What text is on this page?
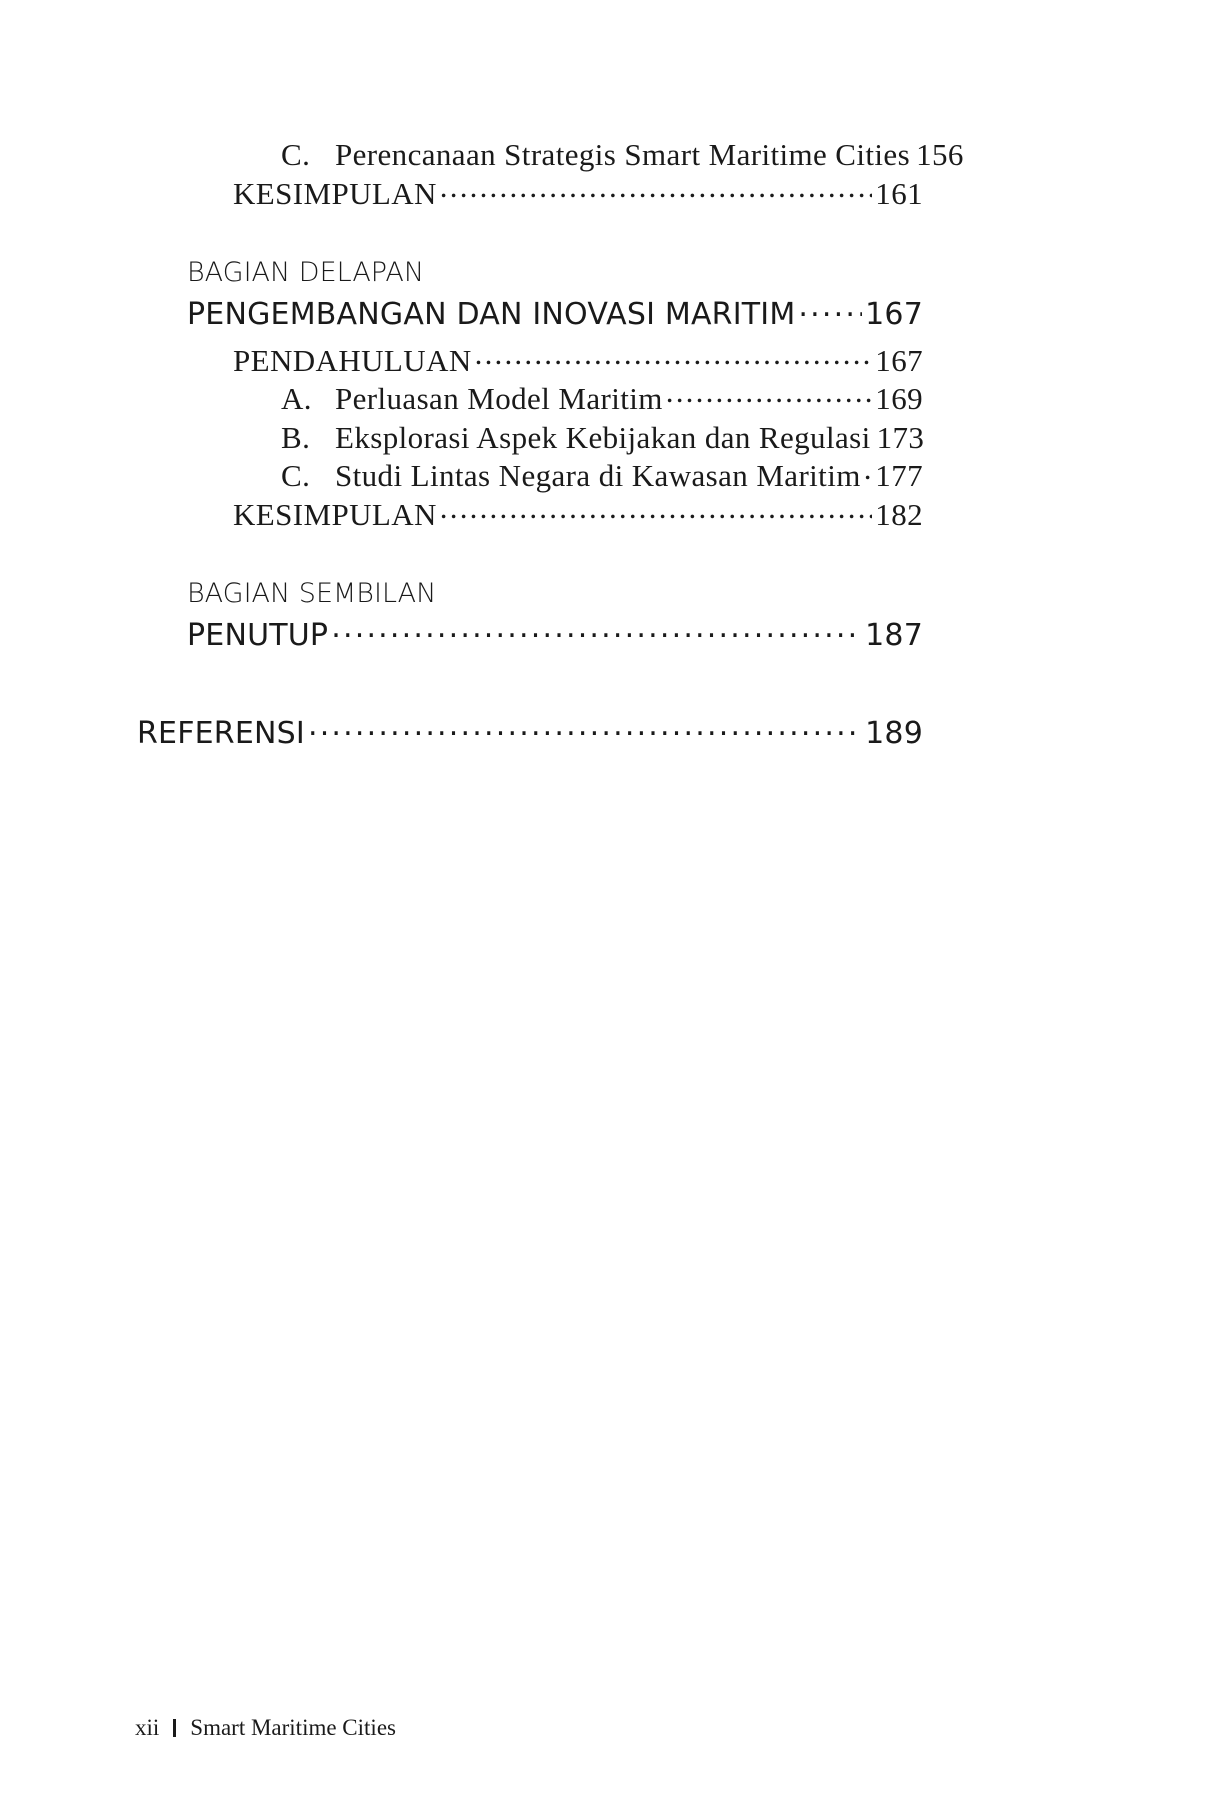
C. Perencanaan Strategis Smart Maritime Cities 156
KESIMPULAN .....	161
BAGIAN DELAPAN
PENGEMBANGAN DAN INOVASI MARITIM ..... 167
PENDAHULUAN .....	167
A. Perluasan Model Maritim .....	169
B. Eksplorasi Aspek Kebijakan dan Regulasi 173
C. Studi Lintas Negara di Kawasan Maritim ..... 177
KESIMPULAN .....	182
BAGIAN SEMBILAN
PENUTUP .....	187
REFERENSI .....	189
xii Smart Maritime Cities
